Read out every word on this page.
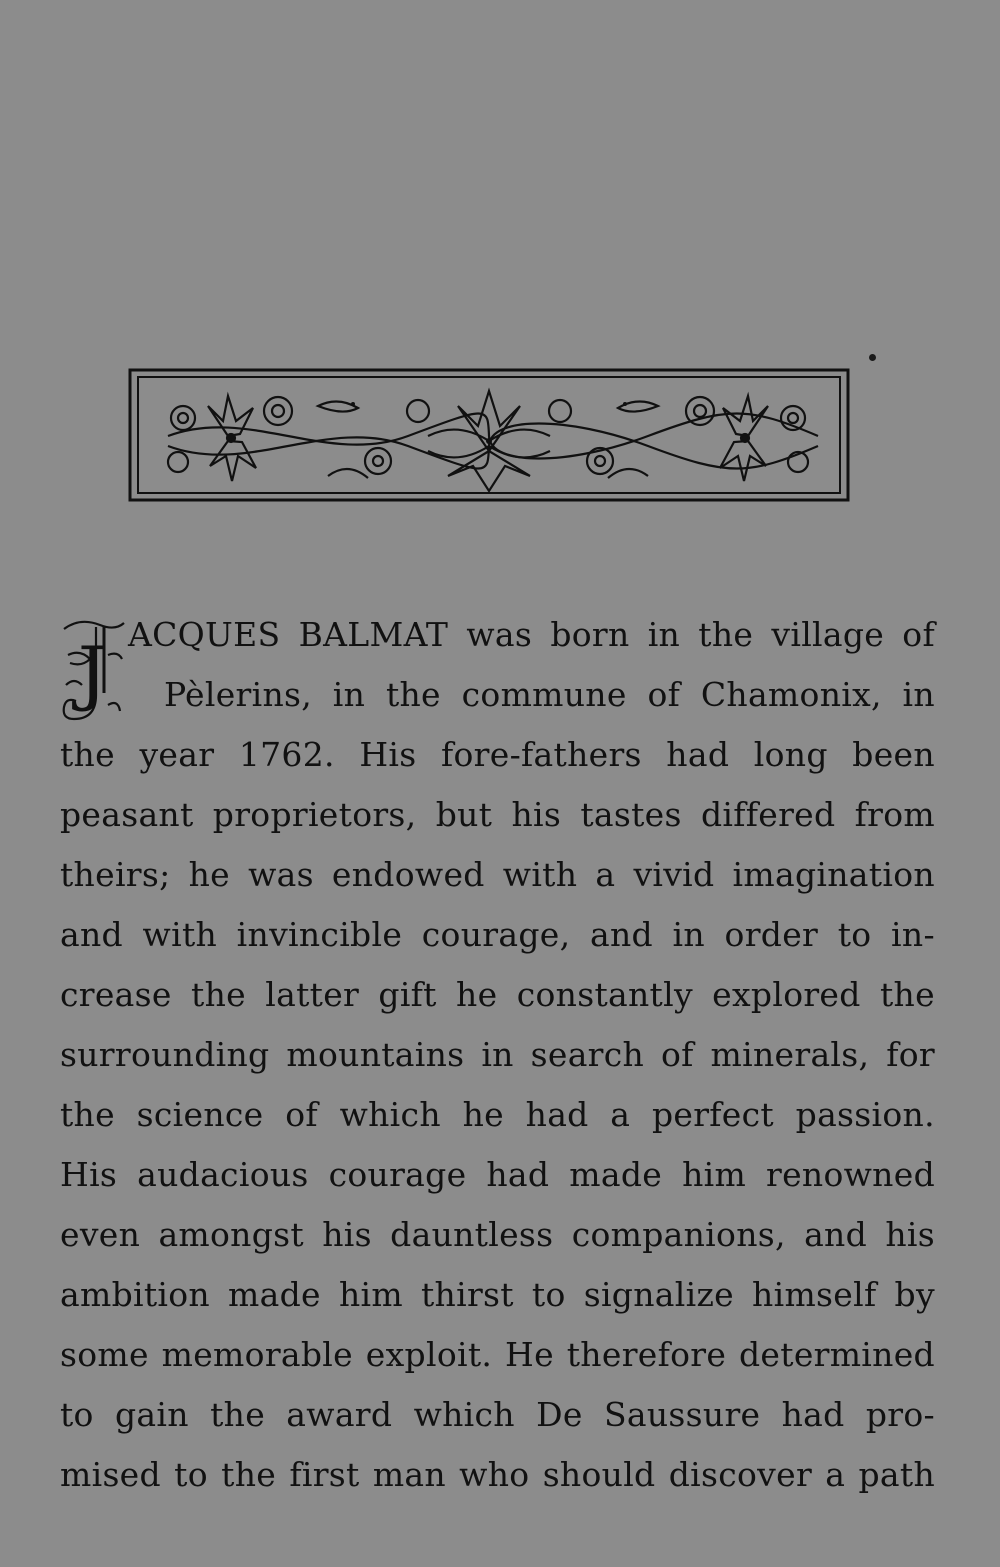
J ACQUES BALMAT was born in the village of
Pèlerins, in the commune of Chamonix, in
the year 1762. His fore-fathers had long been
peasant proprietors, but his tastes differed from
theirs; he was endowed with a vivid imagination
and with invincible courage, and in order to in-
crease the latter gift he constantly explored the
surrounding mountains in search of minerals, for
the science of which he had a perfect passion.
His audacious courage had made him renowned
even amongst his dauntless companions, and his
ambition made him thirst to signalize himself by
some memorable exploit. He therefore determined
to gain the award which De Saussure had pro-
mised to the first man who should discover a path
